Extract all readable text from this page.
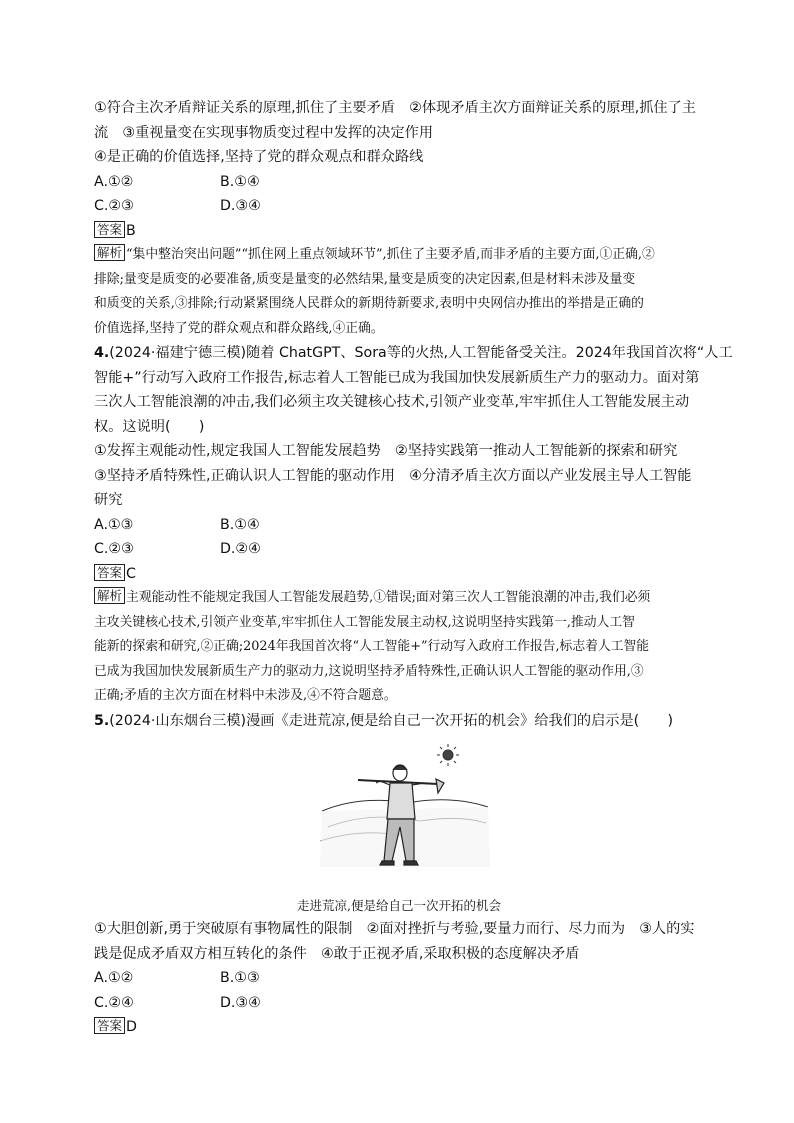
①符合主次矛盾辩证关系的原理,抓住了主要矛盾　②体现矛盾主次方面辩证关系的原理,抓住了主
流　③重视量变在实现事物质变过程中发挥的决定作用
④是正确的价值选择,坚持了党的群众观点和群众路线
A.①②	B.①④
C.②③	D.③④
答案 B
解析 “集中整治突出问题”“抓住网上重点领域环节”,抓住了主要矛盾,而非矛盾的主要方面,①正确,②
排除;量变是质变的必要准备,质变是量变的必然结果,量变是质变的决定因素,但是材料未涉及量变
和质变的关系,③排除;行动紧紧围绕人民群众的新期待新要求,表明中央网信办推出的举措是正确的
价值选择,坚持了党的群众观点和群众路线,④正确。
4.(2024·福建宁德三模)随着 ChatGPT、Sora等的火热,人工智能备受关注。2024年我国首次将“人工
智能+”行动写入政府工作报告,标志着人工智能已成为我国加快发展新质生产力的驱动力。面对第
三次人工智能浪潮的冲击,我们必须主攻关键核心技术,引领产业变革,牢牢抓住人工智能发展主动
权。这说明(　　)
①发挥主观能动性,规定我国人工智能发展趋势　②坚持实践第一推动人工智能新的探索和研究
③坚持矛盾特殊性,正确认识人工智能的驱动作用　④分清矛盾主次方面以产业发展主导人工智能
研究
A.①③	B.①④
C.②③	D.②④
答案 C
解析 主观能动性不能规定我国人工智能发展趋势,①错误;面对第三次人工智能浪潮的冲击,我们必须
主攻关键核心技术,引领产业变革,牢牢抓住人工智能发展主动权,这说明坚持实践第一,推动人工智
能新的探索和研究,②正确;2024年我国首次将“人工智能+”行动写入政府工作报告,标志着人工智能
已成为我国加快发展新质生产力的驱动力,这说明坚持矛盾特殊性,正确认识人工智能的驱动作用,③
正确;矛盾的主次方面在材料中未涉及,④不符合题意。
5.(2024·山东烟台三模)漫画《走进荒凉,便是给自己一次开拓的机会》给我们的启示是(　　)
走进荒凉,便是给自己一次开拓的机会
①大胆创新,勇于突破原有事物属性的限制　②面对挫折与考验,要量力而行、尽力而为　③人的实
践是促成矛盾双方相互转化的条件　④敢于正视矛盾,采取积极的态度解决矛盾
A.①②	B.①③
C.②④	D.③④
答案 D
